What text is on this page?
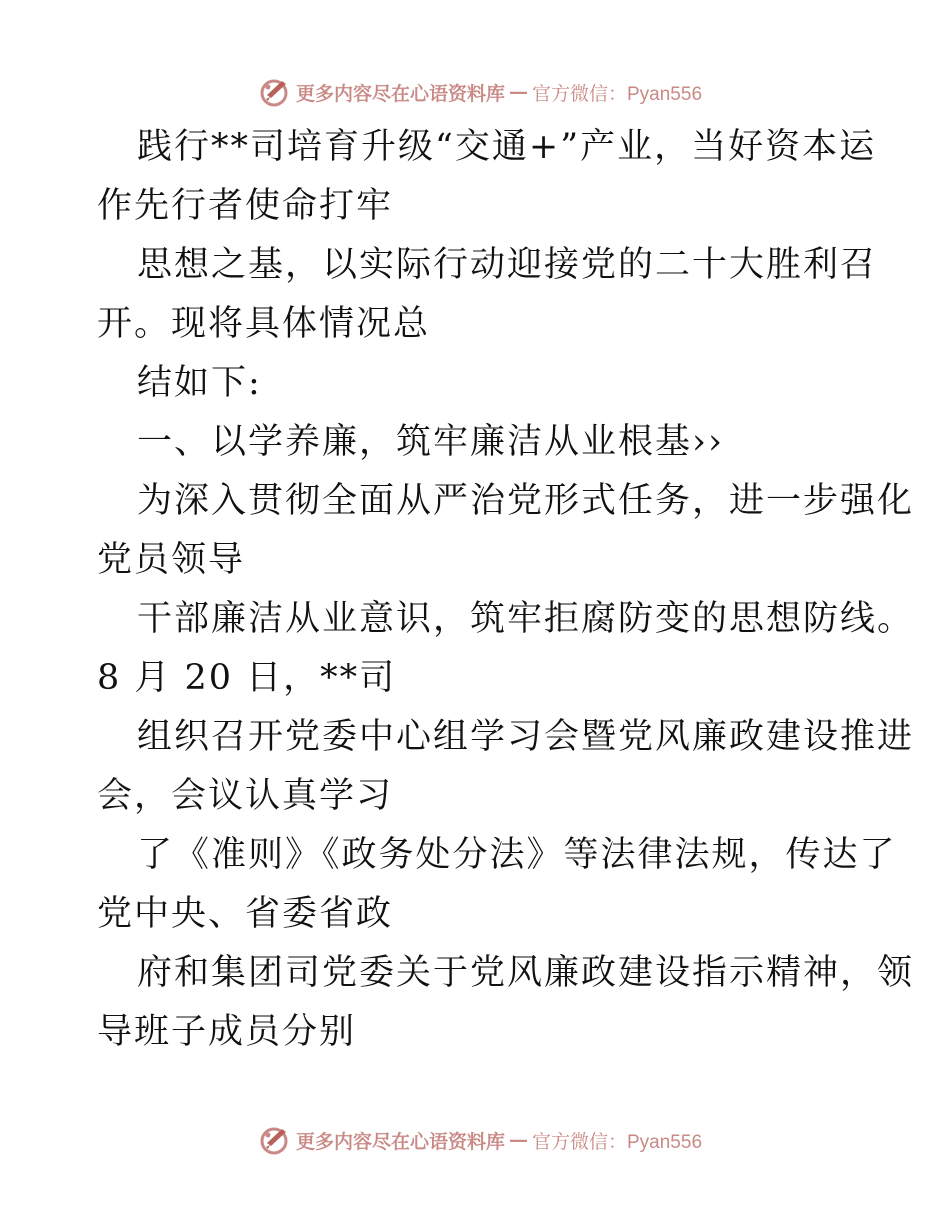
更多内容尽在心语资料库 — 官方微信：Pyan556
践行**司培育升级“交通+”产业，当好资本运
作先行者使命打牢
思想之基，以实际行动迎接党的二十大胜利召
开。现将具体情况总
结如下:
一、以学养廉，筑牢廉洁从业根基››
为深入贯彻全面从严治党形式任务，进一步强化
党员领导
干部廉洁从业意识，筑牢拒腐防变的思想防线。
8 月 20 日，**司
组织召开党委中心组学习会暨党风廉政建设推进
会，会议认真学习
了《准则》《政务处分法》等法律法规，传达了
党中央、省委省政
府和集团司党委关于党风廉政建设指示精神，领
导班子成员分别
更多内容尽在心语资料库 — 官方微信：Pyan556
